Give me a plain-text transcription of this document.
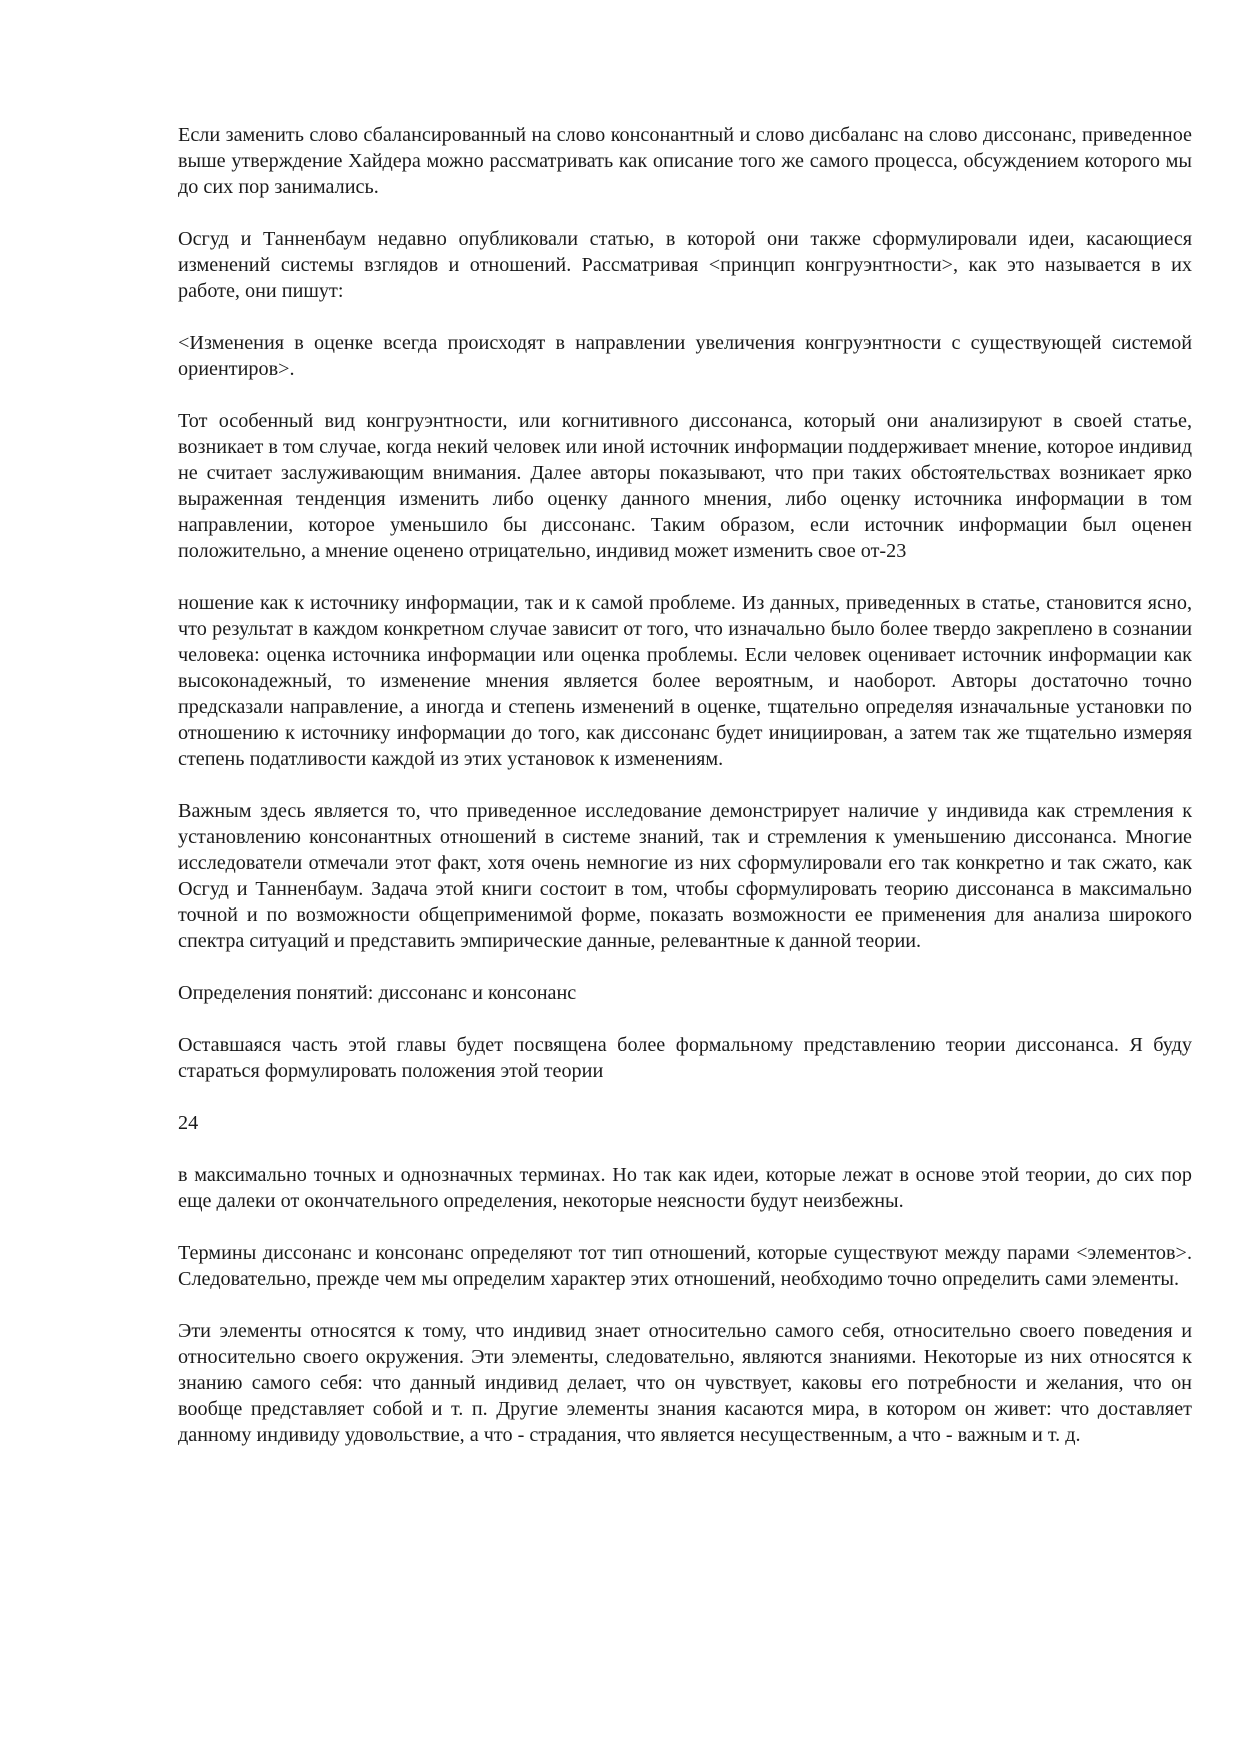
Если заменить слово сбалансированный на слово консонантный и слово дисбаланс на слово диссонанс, приведенное выше утверждение Хайдера можно рассматривать как описание того же самого процесса, обсуждением которого мы до сих пор занимались.

Осгуд и Танненбаум недавно опубликовали статью, в которой они также сформулировали идеи, касающиеся изменений системы взглядов и отношений. Рассматривая <принцип конгруэнтности>, как это называется в их работе, они пишут:

<Изменения в оценке всегда происходят в направлении увеличения конгруэнтности с существующей системой ориентиров>.

Тот особенный вид конгруэнтности, или когнитивного диссонанса, который они анализируют в своей статье, возникает в том случае, когда некий человек или иной источник информации поддерживает мнение, которое индивид не считает заслуживающим внимания. Далее авторы показывают, что при таких обстоятельствах возникает ярко выраженная тенденция изменить либо оценку данного мнения, либо оценку источника информации в том направлении, которое уменьшило бы диссонанс. Таким образом, если источник информации был оценен положительно, а мнение оценено отрицательно, индивид может изменить свое от-23

ношение как к источнику информации, так и к самой проблеме. Из данных, приведенных в статье, становится ясно, что результат в каждом конкретном случае зависит от того, что изначально было более твердо закреплено в сознании человека: оценка источника информации или оценка проблемы. Если человек оценивает источник информации как высоконадежный, то изменение мнения является более вероятным, и наоборот. Авторы достаточно точно предсказали направление, а иногда и степень изменений в оценке, тщательно определяя изначальные установки по отношению к источнику информации до того, как диссонанс будет инициирован, а затем так же тщательно измеряя степень податливости каждой из этих установок к изменениям.

Важным здесь является то, что приведенное исследование демонстрирует наличие у индивида как стремления к установлению консонантных отношений в системе знаний, так и стремления к уменьшению диссонанса. Многие исследователи отмечали этот факт, хотя очень немногие из них сформулировали его так конкретно и так сжато, как Осгуд и Танненбаум. Задача этой книги состоит в том, чтобы сформулировать теорию диссонанса в максимально точной и по возможности общеприменимой форме, показать возможности ее применения для анализа широкого спектра ситуаций и представить эмпирические данные, релевантные к данной теории.

Определения понятий: диссонанс и консонанс

Оставшаяся часть этой главы будет посвящена более формальному представлению теории диссонанса. Я буду стараться формулировать положения этой теории

24

в максимально точных и однозначных терминах. Но так как идеи, которые лежат в основе этой теории, до сих пор еще далеки от окончательного определения, некоторые неясности будут неизбежны.

Термины диссонанс и консонанс определяют тот тип отношений, которые существуют между парами <элементов>. Следовательно, прежде чем мы определим характер этих отношений, необходимо точно определить сами элементы.

Эти элементы относятся к тому, что индивид знает относительно самого себя, относительно своего поведения и относительно своего окружения. Эти элементы, следовательно, являются знаниями. Некоторые из них относятся к знанию самого себя: что данный индивид делает, что он чувствует, каковы его потребности и желания, что он вообще представляет собой и т. п. Другие элементы знания касаются мира, в котором он живет: что доставляет данному индивиду удовольствие, а что - страдания, что является несущественным, а что - важным и т. д.
